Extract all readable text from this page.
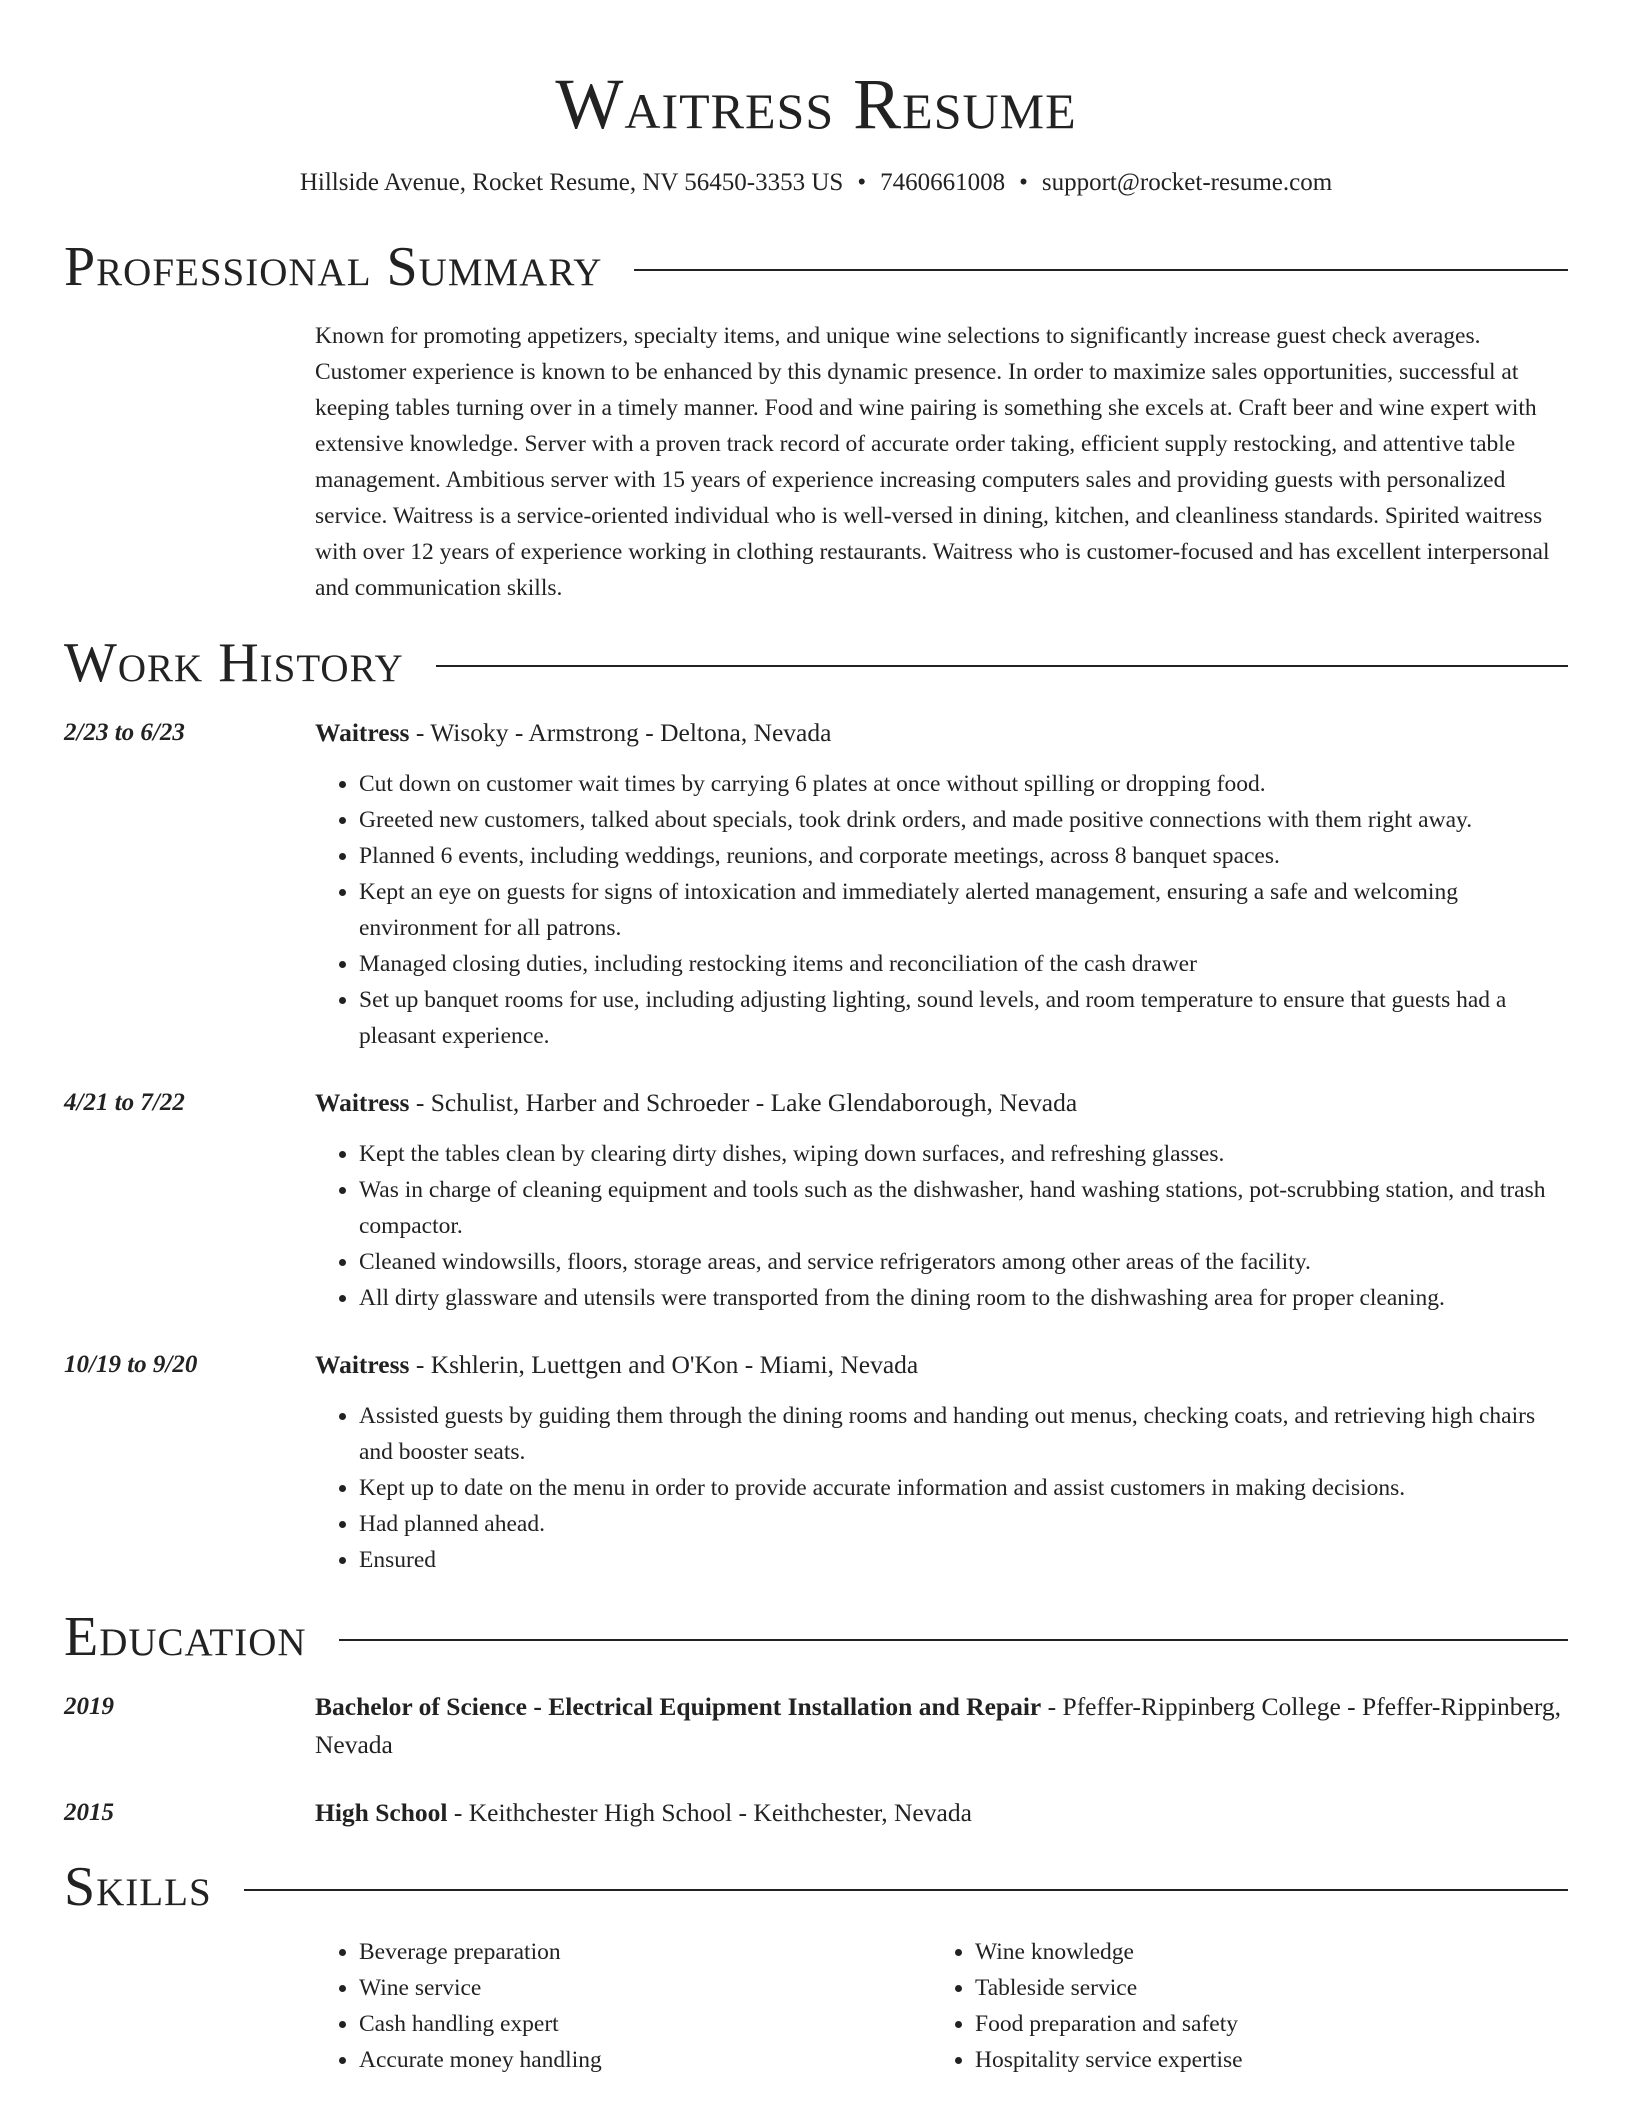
Waitress Resume
Hillside Avenue, Rocket Resume, NV 56450-3353 US • 7460661008 • support@rocket-resume.com
Professional Summary
Known for promoting appetizers, specialty items, and unique wine selections to significantly increase guest check averages. Customer experience is known to be enhanced by this dynamic presence. In order to maximize sales opportunities, successful at keeping tables turning over in a timely manner. Food and wine pairing is something she excels at. Craft beer and wine expert with extensive knowledge. Server with a proven track record of accurate order taking, efficient supply restocking, and attentive table management. Ambitious server with 15 years of experience increasing computers sales and providing guests with personalized service. Waitress is a service-oriented individual who is well-versed in dining, kitchen, and cleanliness standards. Spirited waitress with over 12 years of experience working in clothing restaurants. Waitress who is customer-focused and has excellent interpersonal and communication skills.
Work History
2/23 to 6/23	Waitress - Wisoky - Armstrong - Deltona, Nevada
• Cut down on customer wait times by carrying 6 plates at once without spilling or dropping food.
• Greeted new customers, talked about specials, took drink orders, and made positive connections with them right away.
• Planned 6 events, including weddings, reunions, and corporate meetings, across 8 banquet spaces.
• Kept an eye on guests for signs of intoxication and immediately alerted management, ensuring a safe and welcoming environment for all patrons.
• Managed closing duties, including restocking items and reconciliation of the cash drawer
• Set up banquet rooms for use, including adjusting lighting, sound levels, and room temperature to ensure that guests had a pleasant experience.
4/21 to 7/22	Waitress - Schulist, Harber and Schroeder - Lake Glendaborough, Nevada
• Kept the tables clean by clearing dirty dishes, wiping down surfaces, and refreshing glasses.
• Was in charge of cleaning equipment and tools such as the dishwasher, hand washing stations, pot-scrubbing station, and trash compactor.
• Cleaned windowsills, floors, storage areas, and service refrigerators among other areas of the facility.
• All dirty glassware and utensils were transported from the dining room to the dishwashing area for proper cleaning.
10/19 to 9/20	Waitress - Kshlerin, Luettgen and O'Kon - Miami, Nevada
• Assisted guests by guiding them through the dining rooms and handing out menus, checking coats, and retrieving high chairs and booster seats.
• Kept up to date on the menu in order to provide accurate information and assist customers in making decisions.
• Had planned ahead.
• Ensured
Education
2019	Bachelor of Science - Electrical Equipment Installation and Repair - Pfeffer-Rippinberg College - Pfeffer-Rippinberg, Nevada
2015	High School - Keithchester High School - Keithchester, Nevada
Skills
• Beverage preparation
• Wine service
• Cash handling expert
• Accurate money handling
• Wine knowledge
• Tableside service
• Food preparation and safety
• Hospitality service expertise
